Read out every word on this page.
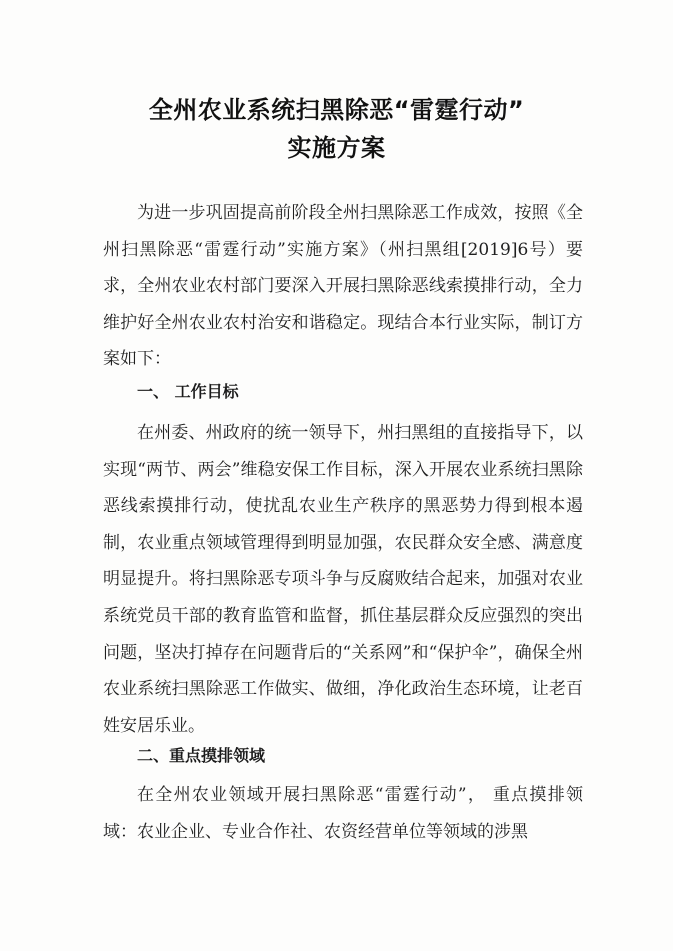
全州农业系统扫黑除恶“雷霆行动”
实施方案
为进一步巩固提高前阶段全州扫黑除恶工作成效，按照《全州扫黑除恶“雷霆行动”实施方案》（州扫黑组[2019]6号）要求，全州农业农村部门要深入开展扫黑除恶线索摸排行动，全力维护好全州农业农村治安和谐稳定。现结合本行业实际，制订方案如下：
一、 工作目标
在州委、州政府的统一领导下，州扫黑组的直接指导下，以实现“两节、两会”维稳安保工作目标，深入开展农业系统扫黑除恶线索摸排行动，使扰乱农业生产秩序的黑恶势力得到根本遏制，农业重点领域管理得到明显加强，农民群众安全感、满意度明显提升。将扫黑除恶专项斗争与反腐败结合起来，加强对农业系统党员干部的教育监管和监督，抓住基层群众反应强烈的突出问题，坚决打掉存在问题背后的“关系网”和“保护伞”，确保全州农业系统扫黑除恶工作做实、做细，净化政治生态环境，让老百姓安居乐业。
二、重点摸排领域
在全州农业领域开展扫黑除恶“雷霆行动”， 重点摸排领域：农业企业、专业合作社、农资经营单位等领域的涉黑
